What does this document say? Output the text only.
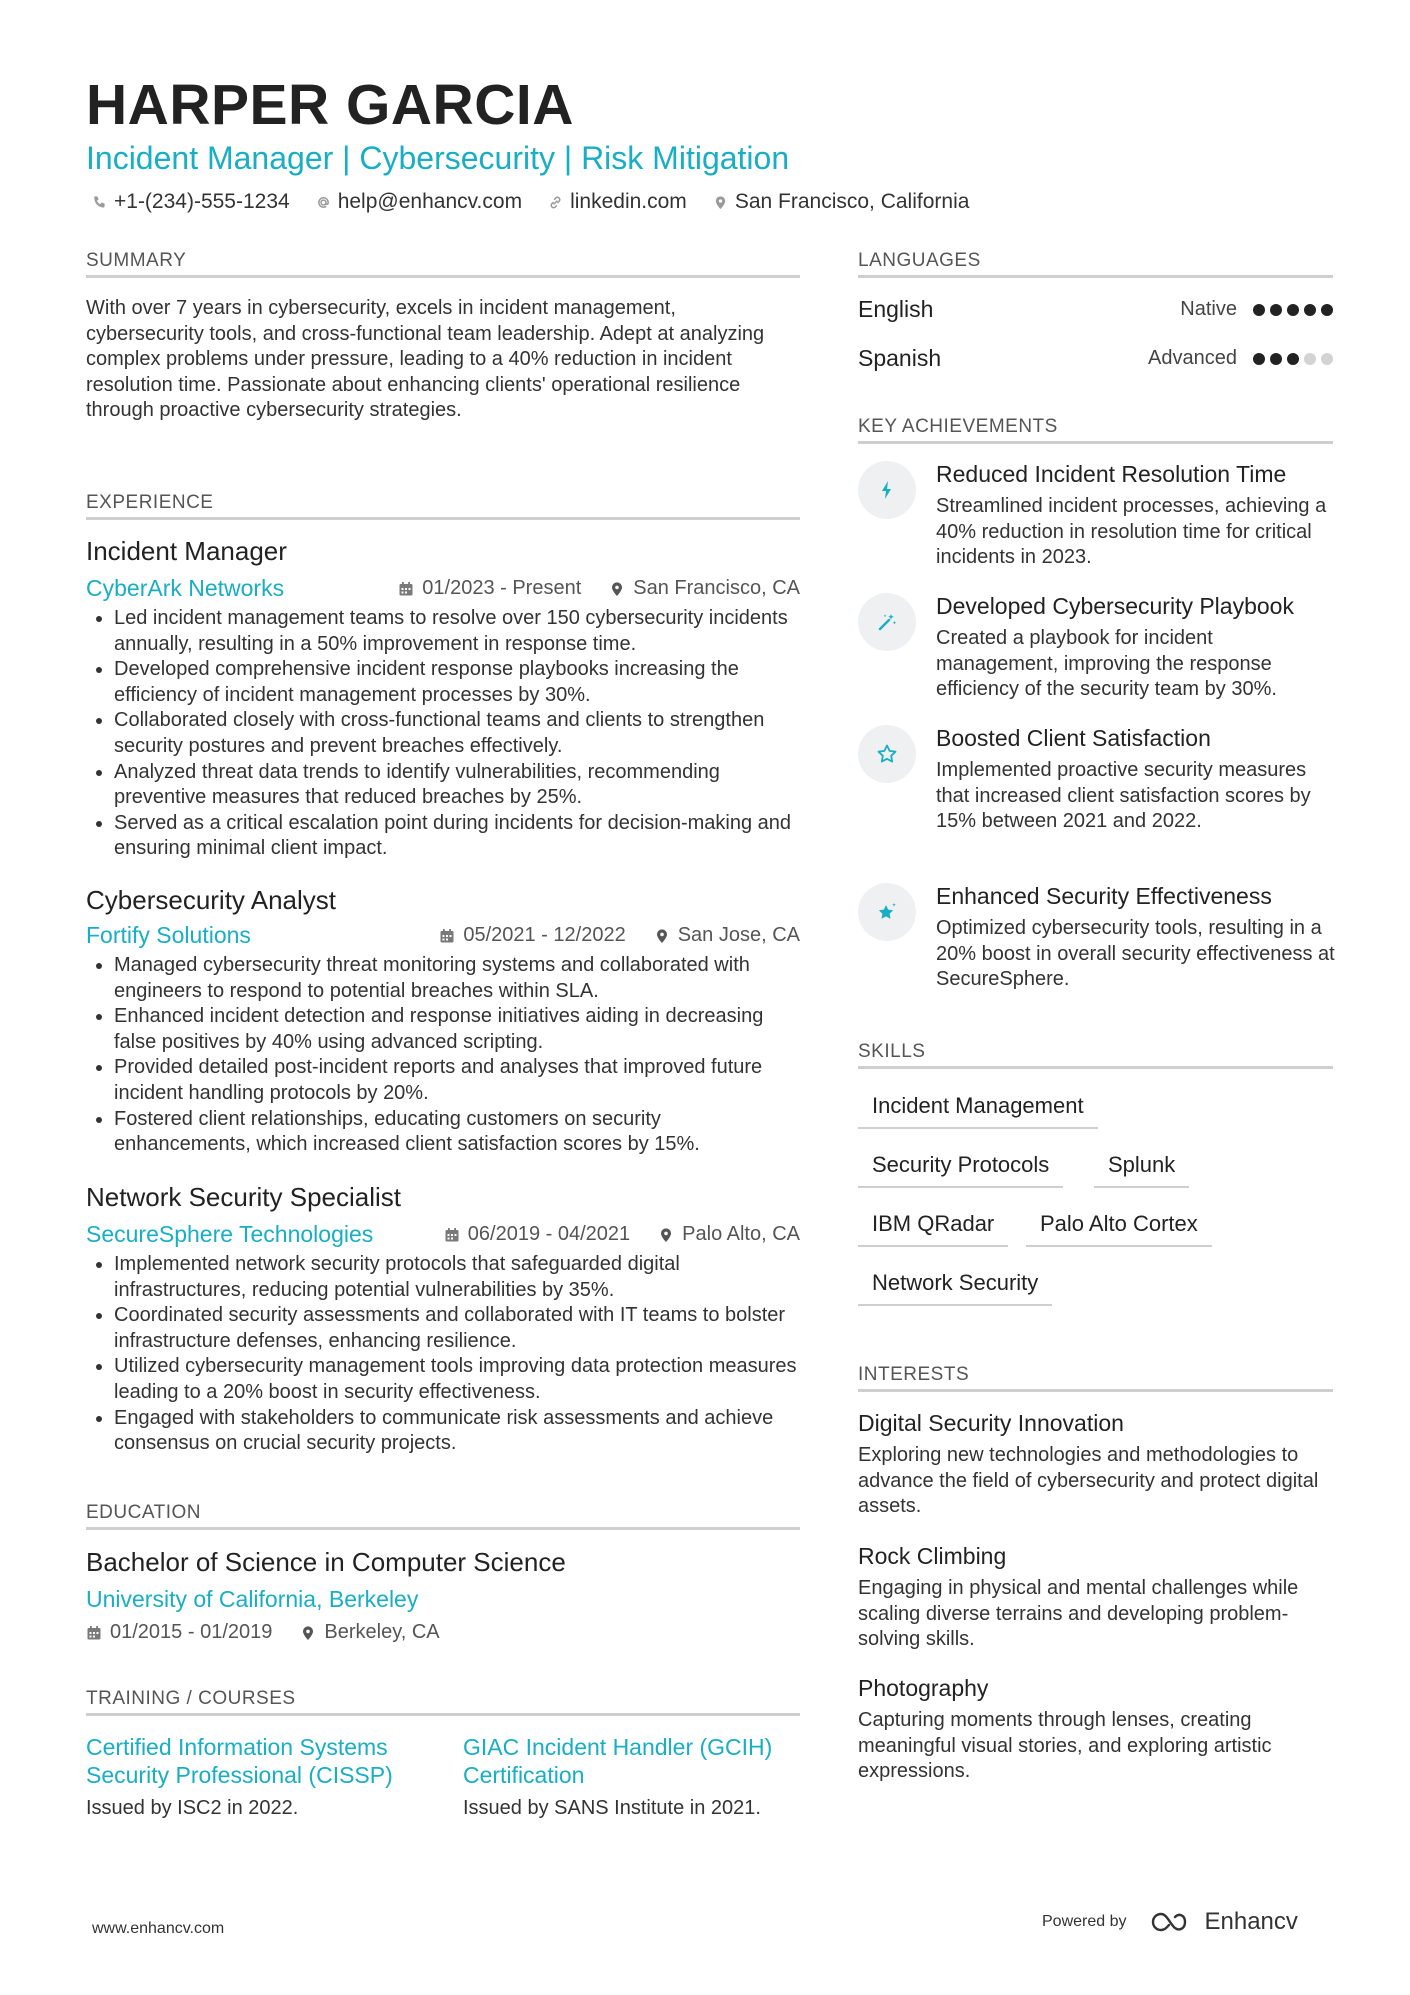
HARPER GARCIA
Incident Manager | Cybersecurity | Risk Mitigation
+1-(234)-555-1234 help@enhancv.com linkedin.com San Francisco, California
SUMMARY
With over 7 years in cybersecurity, excels in incident management, cybersecurity tools, and cross-functional team leadership. Adept at analyzing complex problems under pressure, leading to a 40% reduction in incident resolution time. Passionate about enhancing clients' operational resilience through proactive cybersecurity strategies.
EXPERIENCE
Incident Manager
CyberArk Networks	01/2023 - Present	San Francisco, CA
• Led incident management teams to resolve over 150 cybersecurity incidents annually, resulting in a 50% improvement in response time.
• Developed comprehensive incident response playbooks increasing the efficiency of incident management processes by 30%.
• Collaborated closely with cross-functional teams and clients to strengthen security postures and prevent breaches effectively.
• Analyzed threat data trends to identify vulnerabilities, recommending preventive measures that reduced breaches by 25%.
• Served as a critical escalation point during incidents for decision-making and ensuring minimal client impact.
Cybersecurity Analyst
Fortify Solutions	05/2021 - 12/2022	San Jose, CA
• Managed cybersecurity threat monitoring systems and collaborated with engineers to respond to potential breaches within SLA.
• Enhanced incident detection and response initiatives aiding in decreasing false positives by 40% using advanced scripting.
• Provided detailed post-incident reports and analyses that improved future incident handling protocols by 20%.
• Fostered client relationships, educating customers on security enhancements, which increased client satisfaction scores by 15%.
Network Security Specialist
SecureSphere Technologies	06/2019 - 04/2021	Palo Alto, CA
• Implemented network security protocols that safeguarded digital infrastructures, reducing potential vulnerabilities by 35%.
• Coordinated security assessments and collaborated with IT teams to bolster infrastructure defenses, enhancing resilience.
• Utilized cybersecurity management tools improving data protection measures leading to a 20% boost in security effectiveness.
• Engaged with stakeholders to communicate risk assessments and achieve consensus on crucial security projects.
EDUCATION
Bachelor of Science in Computer Science
University of California, Berkeley
01/2015 - 01/2019	Berkeley, CA
TRAINING / COURSES
Certified Information Systems Security Professional (CISSP)
Issued by ISC2 in 2022.
GIAC Incident Handler (GCIH) Certification
Issued by SANS Institute in 2021.
LANGUAGES
English	Native
Spanish	Advanced
KEY ACHIEVEMENTS
Reduced Incident Resolution Time
Streamlined incident processes, achieving a 40% reduction in resolution time for critical incidents in 2023.
Developed Cybersecurity Playbook
Created a playbook for incident management, improving the response efficiency of the security team by 30%.
Boosted Client Satisfaction
Implemented proactive security measures that increased client satisfaction scores by 15% between 2021 and 2022.
Enhanced Security Effectiveness
Optimized cybersecurity tools, resulting in a 20% boost in overall security effectiveness at SecureSphere.
SKILLS
Incident Management
Security Protocols	Splunk
IBM QRadar	Palo Alto Cortex
Network Security
INTERESTS
Digital Security Innovation
Exploring new technologies and methodologies to advance the field of cybersecurity and protect digital assets.
Rock Climbing
Engaging in physical and mental challenges while scaling diverse terrains and developing problem-solving skills.
Photography
Capturing moments through lenses, creating meaningful visual stories, and exploring artistic expressions.
www.enhancv.com	Powered by	Enhancv
